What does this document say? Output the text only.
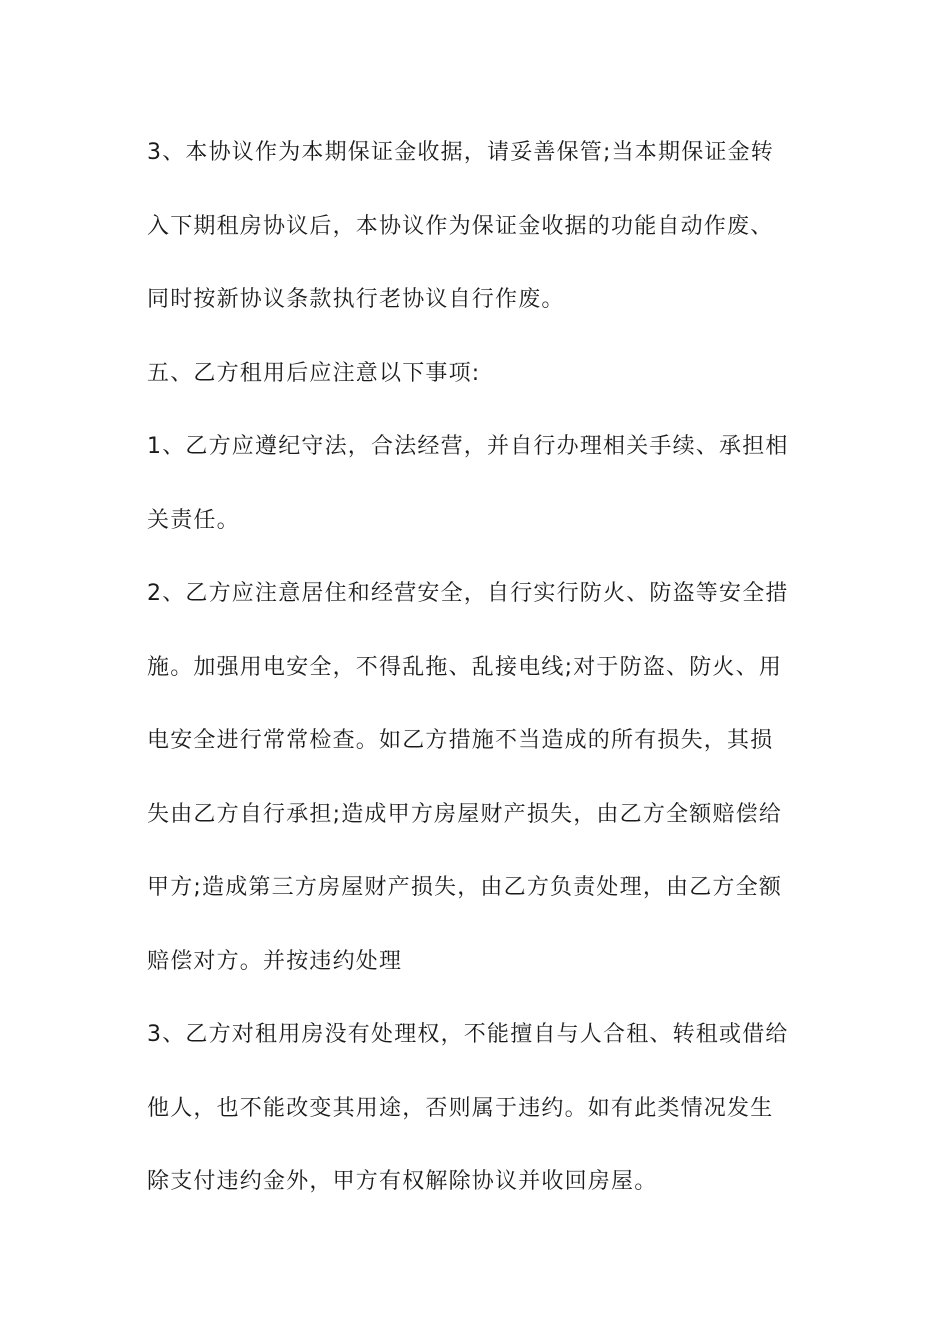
3、本协议作为本期保证金收据，请妥善保管;当本期保证金转
入下期租房协议后，本协议作为保证金收据的功能自动作废、
同时按新协议条款执行老协议自行作废。
五、乙方租用后应注意以下事项:
1、乙方应遵纪守法，合法经营，并自行办理相关手续、承担相
关责任。
2、乙方应注意居住和经营安全，自行实行防火、防盗等安全措
施。加强用电安全，不得乱拖、乱接电线;对于防盗、防火、用
电安全进行常常检查。如乙方措施不当造成的所有损失，其损
失由乙方自行承担;造成甲方房屋财产损失，由乙方全额赔偿给
甲方;造成第三方房屋财产损失，由乙方负责处理，由乙方全额
赔偿对方。并按违约处理
3、乙方对租用房没有处理权，不能擅自与人合租、转租或借给
他人，也不能改变其用途，否则属于违约。如有此类情况发生
除支付违约金外，甲方有权解除协议并收回房屋。
